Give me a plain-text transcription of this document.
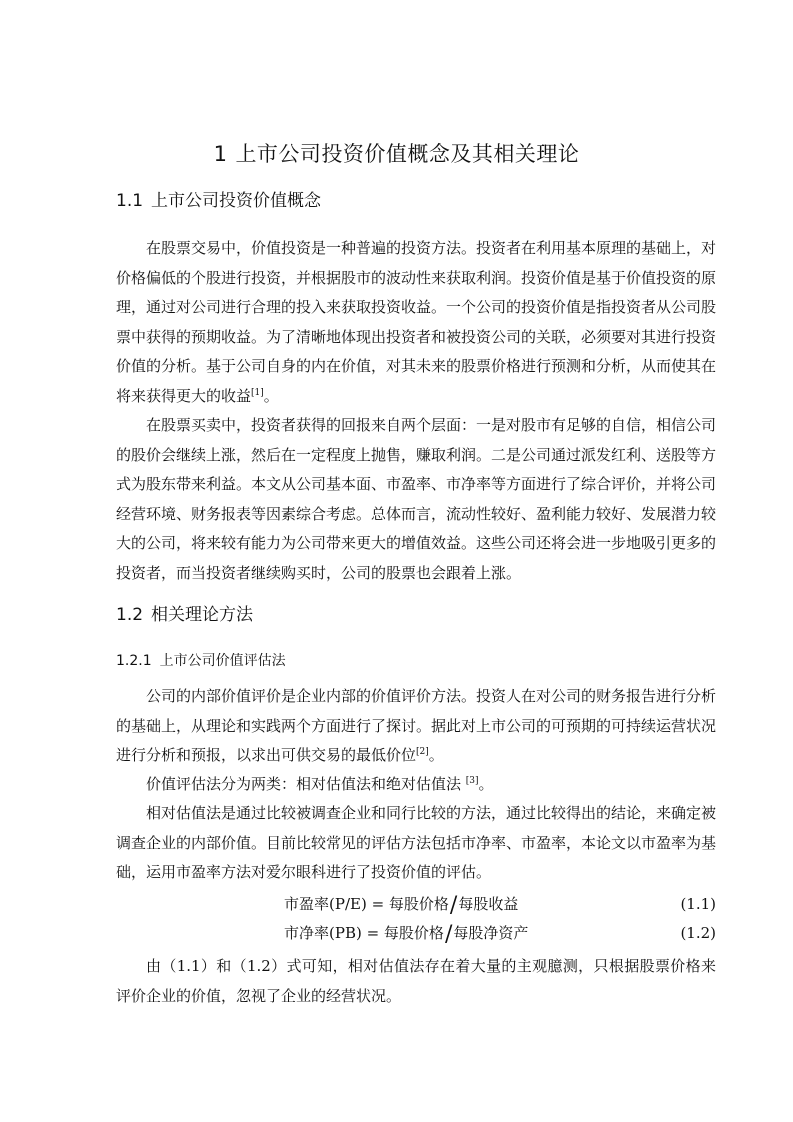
1 上市公司投资价值概念及其相关理论
1.1 上市公司投资价值概念

在股票交易中，价值投资是一种普遍的投资方法。投资者在利用基本原理的基础上，对价格偏低的个股进行投资，并根据股市的波动性来获取利润。投资价值是基于价值投资的原理，通过对公司进行合理的投入来获取投资收益。一个公司的投资价值是指投资者从公司股票中获得的预期收益。为了清晰地体现出投资者和被投资公司的关联，必须要对其进行投资价值的分析。基于公司自身的内在价值，对其未来的股票价格进行预测和分析，从而使其在将来获得更大的收益[1]。

在股票买卖中，投资者获得的回报来自两个层面：一是对股市有足够的自信，相信公司的股价会继续上涨，然后在一定程度上抛售，赚取利润。二是公司通过派发红利、送股等方式为股东带来利益。本文从公司基本面、市盈率、市净率等方面进行了综合评价，并将公司经营环境、财务报表等因素综合考虑。总体而言，流动性较好、盈利能力较好、发展潜力较大的公司，将来较有能力为公司带来更大的增值效益。这些公司还将会进一步地吸引更多的投资者，而当投资者继续购买时，公司的股票也会跟着上涨。

1.2 相关理论方法
1.2.1 上市公司价值评估法

公司的内部价值评价是企业内部的价值评价方法。投资人在对公司的财务报告进行分析的基础上，从理论和实践两个方面进行了探讨。据此对上市公司的可预期的可持续运营状况进行分析和预报，以求出可供交易的最低价位[2]。

价值评估法分为两类：相对估值法和绝对估值法 [3]。

相对估值法是通过比较被调查企业和同行比较的方法，通过比较得出的结论，来确定被调查企业的内部价值。目前比较常见的评估方法包括市净率、市盈率，本论文以市盈率为基础，运用市盈率方法对爱尔眼科进行了投资价值的评估。

市盈率(P/E) = 每股价格/每股收益	(1.1)
市净率(PB) = 每股价格/每股净资产	(1.2)

由（1.1）和（1.2）式可知，相对估值法存在着大量的主观臆测，只根据股票价格来评价企业的价值，忽视了企业的经营状况。
